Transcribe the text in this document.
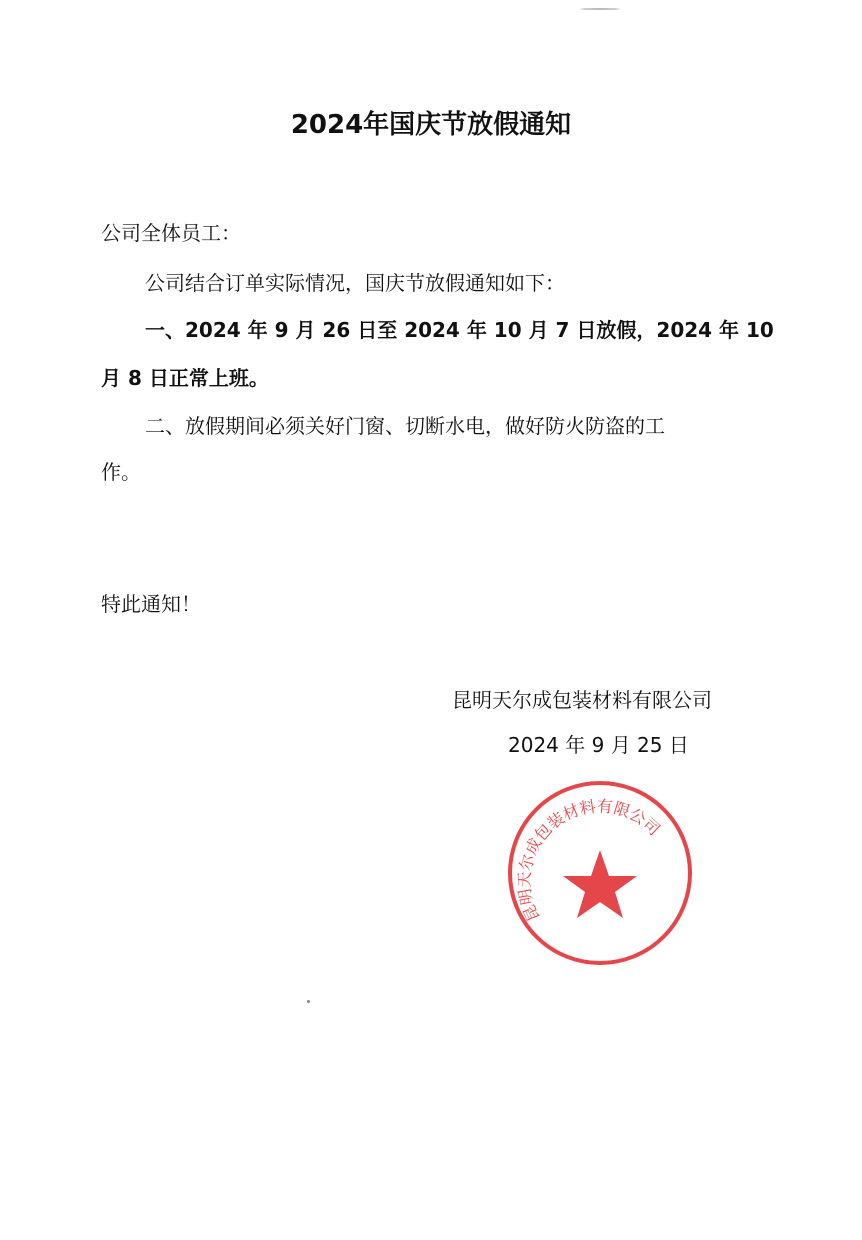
2024年国庆节放假通知
公司全体员工：
公司结合订单实际情况，国庆节放假通知如下：
一、2024 年 9 月 26 日至 2024 年 10 月 7 日放假，2024 年 10
月 8 日正常上班。
二、放假期间必须关好门窗、切断水电，做好防火防盗的工
作。
特此通知！
昆明天尔成包装材料有限公司
2024 年 9 月 25 日
昆明天尔成包装材料有限公司
